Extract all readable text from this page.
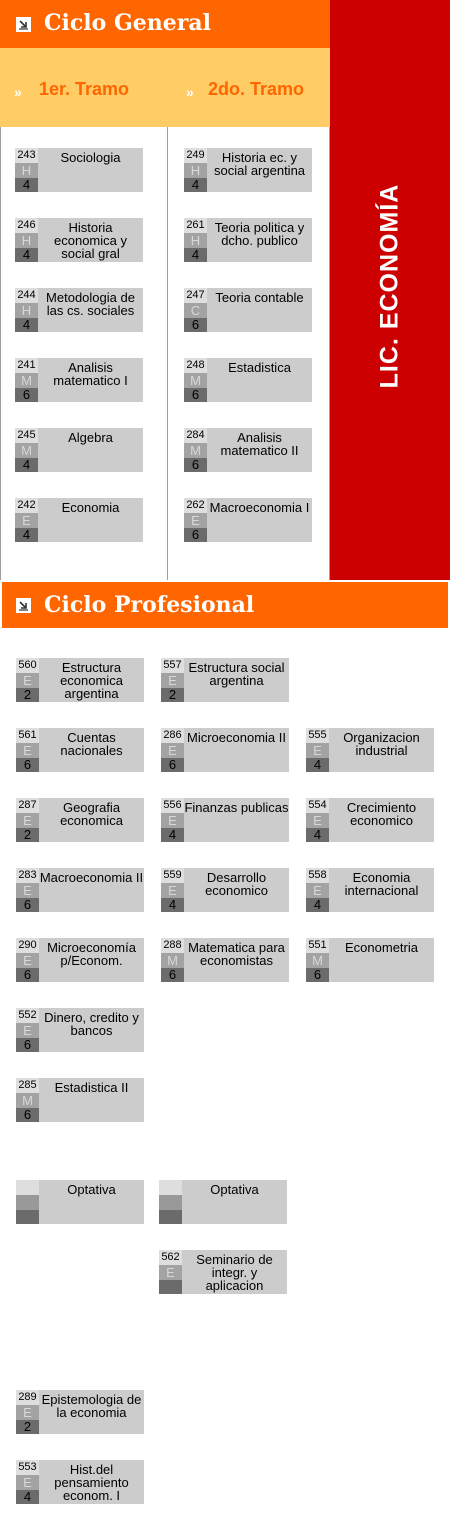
Ciclo General
» 1er. Tramo	» 2do. Tramo
LIC. ECONOMÍA
243
H
4
Sociologia
246
H
4
Historia economica y social gral
244
H
4
Metodologia de las cs. sociales
241
M
6
Analisis matematico I
245
M
4
Algebra
242
E
4
Economia
249
H
4
Historia ec. y social argentina
261
H
4
Teoria politica y dcho. publico
247
C
6
Teoria contable
248
M
6
Estadistica
284
M
6
Analisis matematico II
262
E
6
Macroeconomia I
Ciclo Profesional
560
E
2
Estructura economica argentina
557
E
2
Estructura social argentina
561
E
6
Cuentas nacionales
286
E
6
Microeconomia II 555
E
4
Organizacion industrial
287
E
2
Geografia economica
556
E
4
Finanzas publicas 554
E
4
Crecimiento economico
283
E
6
Macroeconomia II 559
E
4
Desarrollo economico
558
E
4
Economia internacional
290
E
6
Microeconomía p/Econom.
288
M
6
Matematica para economistas
551
M
6
Econometria
552
E
6
Dinero, credito y bancos
285
M
6
Estadistica II
Optativa	Optativa
562
E
Seminario de integr. y aplicacion
289
E
2
Epistemologia de la economia
553
E
4
Hist.del pensamiento econom. I
